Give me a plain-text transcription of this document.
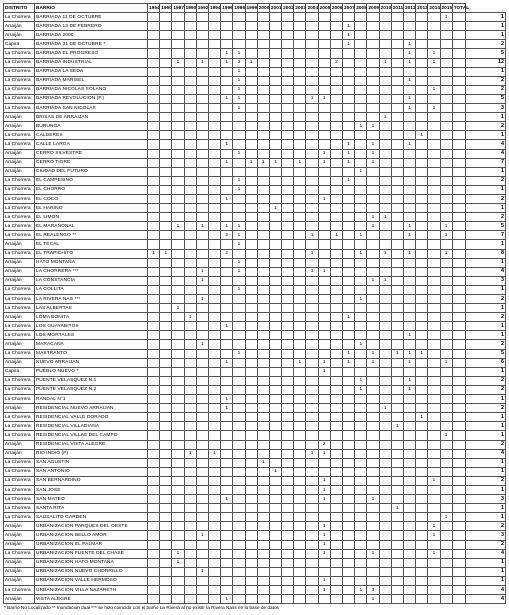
DISTRITO	BARRIO	1954	1960	1987	1990	1992	1994	1996	1998	1999	2000	2001	2002	2003	2004	2005	2006	2007	2008	2009	2010	2011	2012	2013	2014	2015	TOTAL	
La Chorrera	BARRIADA 11 DE OCTUBRE																									1		1
Arraiján	BARRIADA 13 DE FEBRERO																	1										1
Arraiján	BARRIADA 2000																	1										1
Capira	BARRIADA 31 DE OCTUBRE *																	1					1					2
La Chorrera	BARRIADA EL PROGRESO							1	1														1		1			5
La Chorrera	BARRIADA INDUSTRIAL			1		1		1	3	1							2				1		1		1			12
La Chorrera	BARRIADA LA SEDA								1																			1
La Chorrera	BARRIADA MARISEL								1														1					2
La Chorrera	BARRIADA NICOLAS SOLANO								1																1			2
La Chorrera	BARRIADA REVOLUCION (P.)							1	1						1	1							1					5
La Chorrera	BARRIADA SAN NICOLAS								1														1		1			3
Arraiján	BRISAS DE ARRAIJAN																				1							1
Arraiján	BURUNGA																		1	1								2
La Chorrera	CALDERES																							1				1
La Chorrera	CALLE LARGA							1										1		1			1					4
Arraiján	CERRO SILVESTRE								1							1		1		1								4
Arraiján	CERRO TIGRE							1		1	1	1		1		1		1		1								7
Arraiján	CIUDAD DEL FUTURO																		1									1
La Chorrera	EL CAMPESINO								1									1										2
La Chorrera	EL CHORRO								1																			1
La Chorrera	EL COCO							1								1												2
La Chorrera	EL HARINO											1																1
La Chorrera	EL LIMON																			1	1							2
La Chorrera	EL MARAÑONAL			1		1		1	1											1			1			1		5
La Chorrera	EL REALENGO **							2	1						1		1		1				1			1		7
Arraiján	EL TECAL								1																			1
La Chorrera	EL TRAPICHITO	1	1					2							1				1		1		1			1		8
Arraiján	HATO MONTAÑA								1																			1
Arraiján	LA CHORRERA ***					1			1						1	1												4
Arraiján	LA CONSTANCIA					1														1	1							3
La Chorrera	LA GOLLITA								1																			1
La Chorrera	LA RIVERA NAS ***					1													1									2
La Chorrera	LAS ALBERTAS			1																								1
Arraiján	LOMA BONITA				1													1										2
La Chorrera	LOS GUAYABITOS							1																				1
La Chorrera	LOS MORTALES																						1					1
Arraiján	MARACANA					1													1									2
La Chorrera	MASTRANTO								1									1		1		1	1	1				5
Arraiján	NUEVO ARRAIJAN							1						1		1		1		1			1			1		6
Capira	PUEBLO NUEVO *															1												1
La Chorrera	PUENTE VELASQUEZ N.1																		1				1					2
La Chorrera	PUENTE VELASQUEZ N.2																		1				1					2
La Chorrera	RANDAL N°1							1																				1
Arraiján	RESIDENCIAL NUEVO ARRAIJAN							1													1							2
La Chorrera	RESIDENCIAL VALLE DORADO																							1				1
La Chorrera	RESIDENCIAL VILLADIANA																					1						1
La Chorrera	RESIDENCIAL VILLAS DEL CAMPO																									1		1
Arraiján	RESIDENCIAL VISTA ALEGRE															2												2
Arraiján	RIO INDIO (P)				1		1								1	1												4
La Chorrera	SAN AGUSTIN										1																	1
La Chorrera	SAN ANTONIO											1																1
La Chorrera	SAN BERNARDINO															1									1			2
La Chorrera	SAN JOSE															1												1
La Chorrera	SAN MATEO							1								1				1								3
La Chorrera	SANTA RITA																					1						1
La Chorrera	SAUSALITO GARDEN																									1		1
Arraiján	URBANIZACION PARQUES DEL OESTE															1									1			2
Arraiján	URBANIZACION BELLO AMOR					1										1									1			3
Arraiján	URBANIZACION EL PALMAR															1												2
La Chorrera	URBANIZACION FUENTE DEL CHASE			1												1				1					1			4
Arraiján	URBANIZACION HATO MONTAÑA			1																								1
Arraiján	URBANIZACION NUEVO CHORRILLO					1																						1
Arraiján	URBANIZACION VALLE HERMOSO															1												1
La Chorrera	URBANIZACION VILLA NAZARETH															1			1	3								4
Arraiján	VISTA ALEGRE							1												1								4
* Barrio No Localizado ** Inundación dual *** se hizo coincidir con el barrio La Rivera al no existir la Rivera Nass en la base de datos
